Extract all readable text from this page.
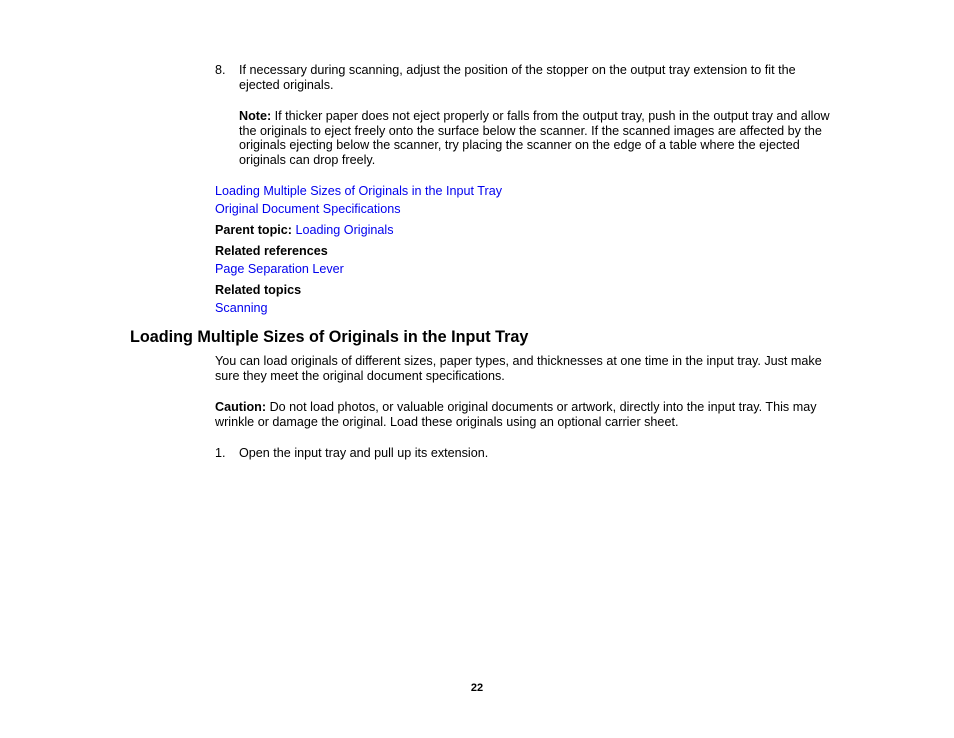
8. If necessary during scanning, adjust the position of the stopper on the output tray extension to fit the ejected originals.
Note: If thicker paper does not eject properly or falls from the output tray, push in the output tray and allow the originals to eject freely onto the surface below the scanner. If the scanned images are affected by the originals ejecting below the scanner, try placing the scanner on the edge of a table where the ejected originals can drop freely.
Loading Multiple Sizes of Originals in the Input Tray
Original Document Specifications
Parent topic: Loading Originals
Related references
Page Separation Lever
Related topics
Scanning
Loading Multiple Sizes of Originals in the Input Tray
You can load originals of different sizes, paper types, and thicknesses at one time in the input tray. Just make sure they meet the original document specifications.
Caution: Do not load photos, or valuable original documents or artwork, directly into the input tray. This may wrinkle or damage the original. Load these originals using an optional carrier sheet.
1. Open the input tray and pull up its extension.
22
